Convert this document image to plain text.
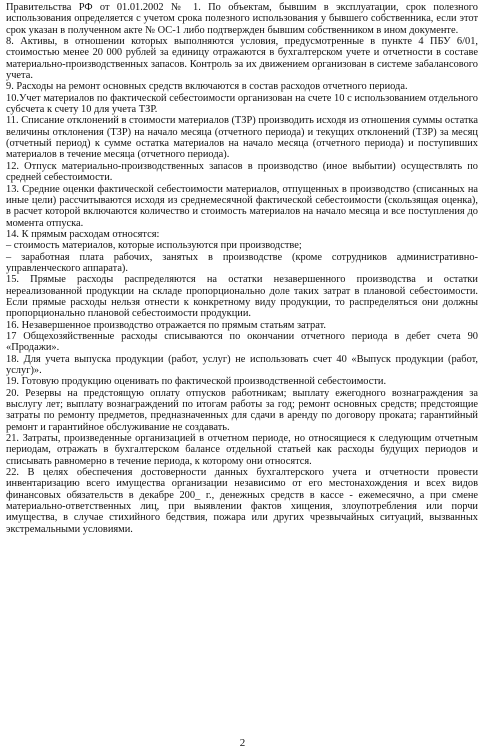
Правительства РФ от 01.01.2002 № 1. По объектам, бывшим в эксплуатации, срок полезного использования определяется с учетом срока полезного использования у бывшего собственника, если этот срок указан в полученном акте № ОС-1 либо подтвержден бывшим собственником в ином документе.

8. Активы, в отношении которых выполняются условия, предусмотренные в пункте 4 ПБУ 6/01, стоимостью менее 20 000 рублей за единицу отражаются в бухгалтерском учете и отчетности в составе материально-производственных запасов. Контроль за их движением организован в системе забалансового учета.

9. Расходы на ремонт основных средств включаются в состав расходов отчетного периода.

10.Учет материалов по фактической себестоимости организован на счете 10 с использованием отдельного субсчета к счету 10 для учета ТЗР.

11. Списание отклонений в стоимости материалов (ТЗР) производить исходя из отношения суммы остатка величины отклонения (ТЗР) на начало месяца (отчетного периода) и текущих отклонений (ТЗР) за месяц (отчетный период) к сумме остатка материалов на начало месяца (отчетного периода) и поступивших материалов в течение месяца (отчетного периода).

12. Отпуск материально-производственных запасов в производство (иное выбытии) осуществлять по средней себестоимости.

13. Средние оценки фактической себестоимости материалов, отпущенных в производство (списанных на иные цели) рассчитываются исходя из среднемесячной фактической себестоимости (скользящая оценка), в расчет которой включаются количество и стоимость материалов на начало месяца и все поступления до момента отпуска.

14. К прямым расходам относятся:

– стоимость материалов, которые используются при производстве;

– заработная плата рабочих, занятых в производстве (кроме сотрудников административно-управленческого аппарата).

15. Прямые расходы распределяются на остатки незавершенного производства и остатки нереализованной продукции на складе пропорционально доле таких затрат в плановой себестоимости. Если прямые расходы нельзя отнести к конкретному виду продукции, то распределяться они должны пропорционально плановой себестоимости продукции.

16. Незавершенное производство отражается по прямым статьям затрат.

17 Общехозяйственные расходы списываются по окончании отчетного периода в дебет счета 90 «Продажи».

18. Для учета выпуска продукции (работ, услуг) не использовать счет 40 «Выпуск продукции (работ, услуг)».

19. Готовую продукцию оценивать по фактической производственной себестоимости.

20. Резервы на предстоящую оплату отпусков работникам; выплату ежегодного вознаграждения за выслугу лет; выплату вознаграждений по итогам работы за год; ремонт основных средств; предстоящие затраты по ремонту предметов, предназначенных для сдачи в аренду по договору проката; гарантийный ремонт и гарантийное обслуживание не создавать.

21. Затраты, произведенные организацией в отчетном периоде, но относящиеся к следующим отчетным периодам, отражать в бухгалтерском балансе отдельной статьей как расходы будущих периодов и списывать равномерно в течение периода, к которому они относятся.

22. В целях обеспечения достоверности данных бухгалтерского учета и отчетности провести инвентаризацию всего имущества организации независимо от его местонахождения и всех видов финансовых обязательств в декабре 200_ г., денежных средств в кассе - ежемесячно, а при смене материально-ответственных лиц, при выявлении фактов хищения, злоупотребления или порчи имущества, в случае стихийного бедствия, пожара или других чрезвычайных ситуаций, вызванных экстремальными условиями.

2
